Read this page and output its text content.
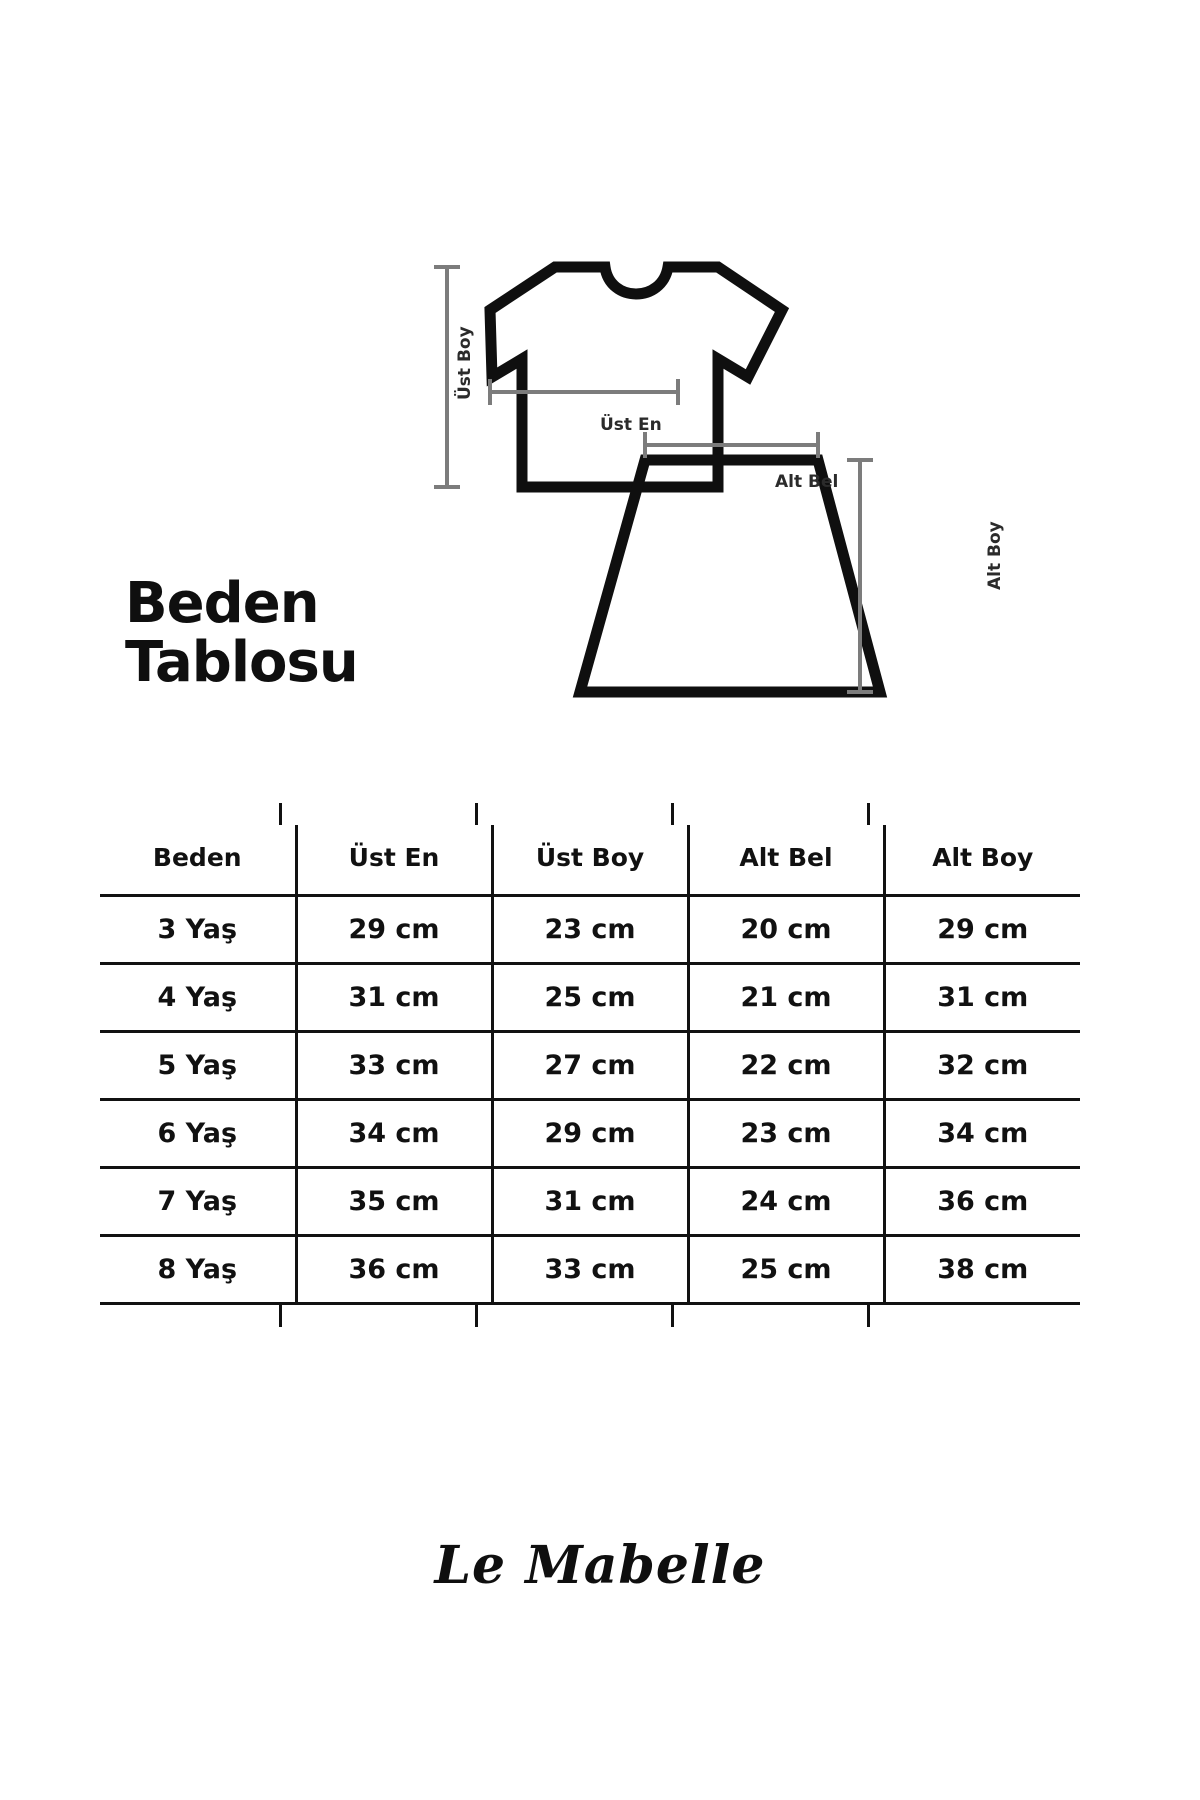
Beden
Tablosu
Üst En
Alt Bel
Üst Boy
Alt Boy
Beden	Üst En	Üst Boy	Alt Bel	Alt Boy
3 Yaş	29 cm	23 cm	20 cm	29 cm
4 Yaş	31 cm	25 cm	21 cm	31 cm
5 Yaş	33 cm	27 cm	22 cm	32 cm
6 Yaş	34 cm	29 cm	23 cm	34 cm
7 Yaş	35 cm	31 cm	24 cm	36 cm
8 Yaş	36 cm	33 cm	25 cm	38 cm
Le Mabelle
